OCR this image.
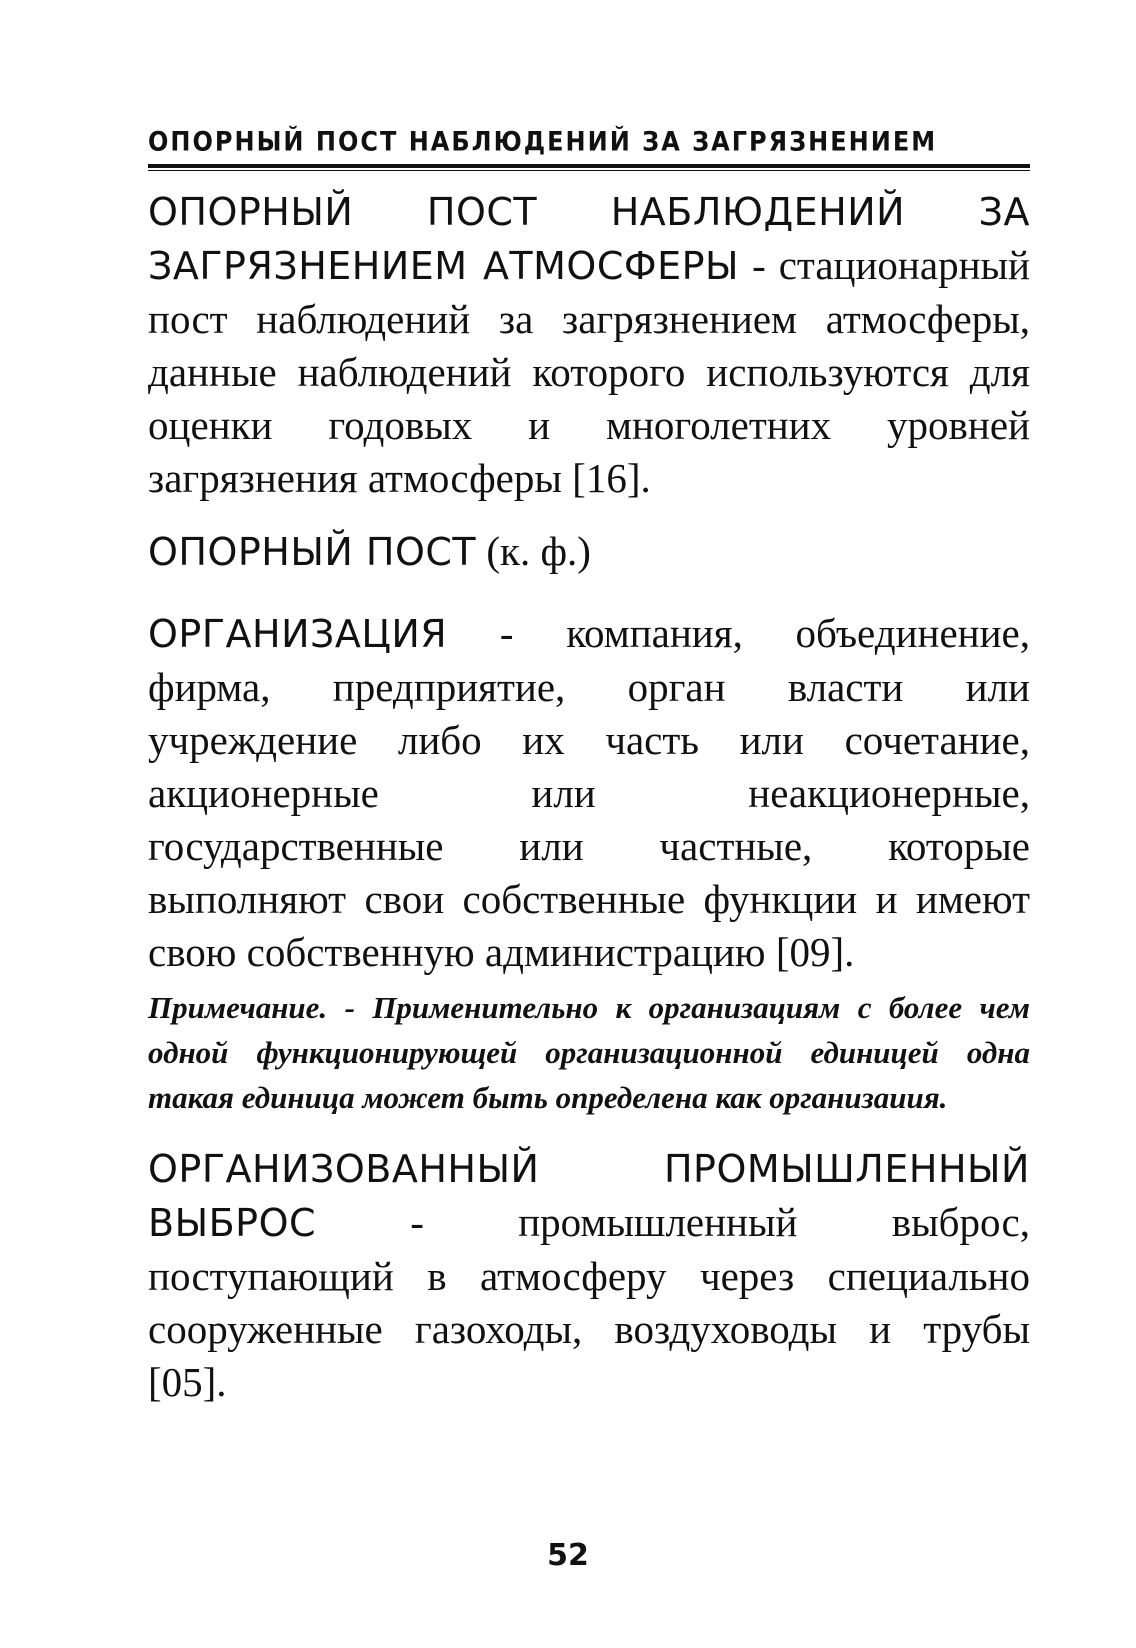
ОПОРНЫЙ ПОСТ НАБЛЮДЕНИЙ ЗА ЗАГРЯЗНЕНИЕМ

ОПОРНЫЙ ПОСТ НАБЛЮДЕНИЙ ЗА ЗАГРЯЗНЕНИЕМ АТМОСФЕРЫ - стационарный пост наблюдений за загрязнением атмосферы, данные наблюдений которого используются для оценки годовых и многолетних уровней загрязнения атмосферы [16].

ОПОРНЫЙ ПОСТ (к. ф.)

ОРГАНИЗАЦИЯ - компания, объединение, фирма, предприятие, орган власти или учреждение либо их часть или сочетание, акционерные или неакционерные, государственные или частные, которые выполняют свои собственные функции и имеют свою собственную администрацию [09].

Примечание. - Применительно к организациям с более чем одной функционирующей организационной единицей одна такая единица может быть определена как организаиия.

ОРГАНИЗОВАННЫЙ ПРОМЫШЛЕННЫЙ ВЫБРОС - промышленный выброс, поступающий в атмосферу через специально сооруженные газоходы, воздуховоды и трубы [05].

52
